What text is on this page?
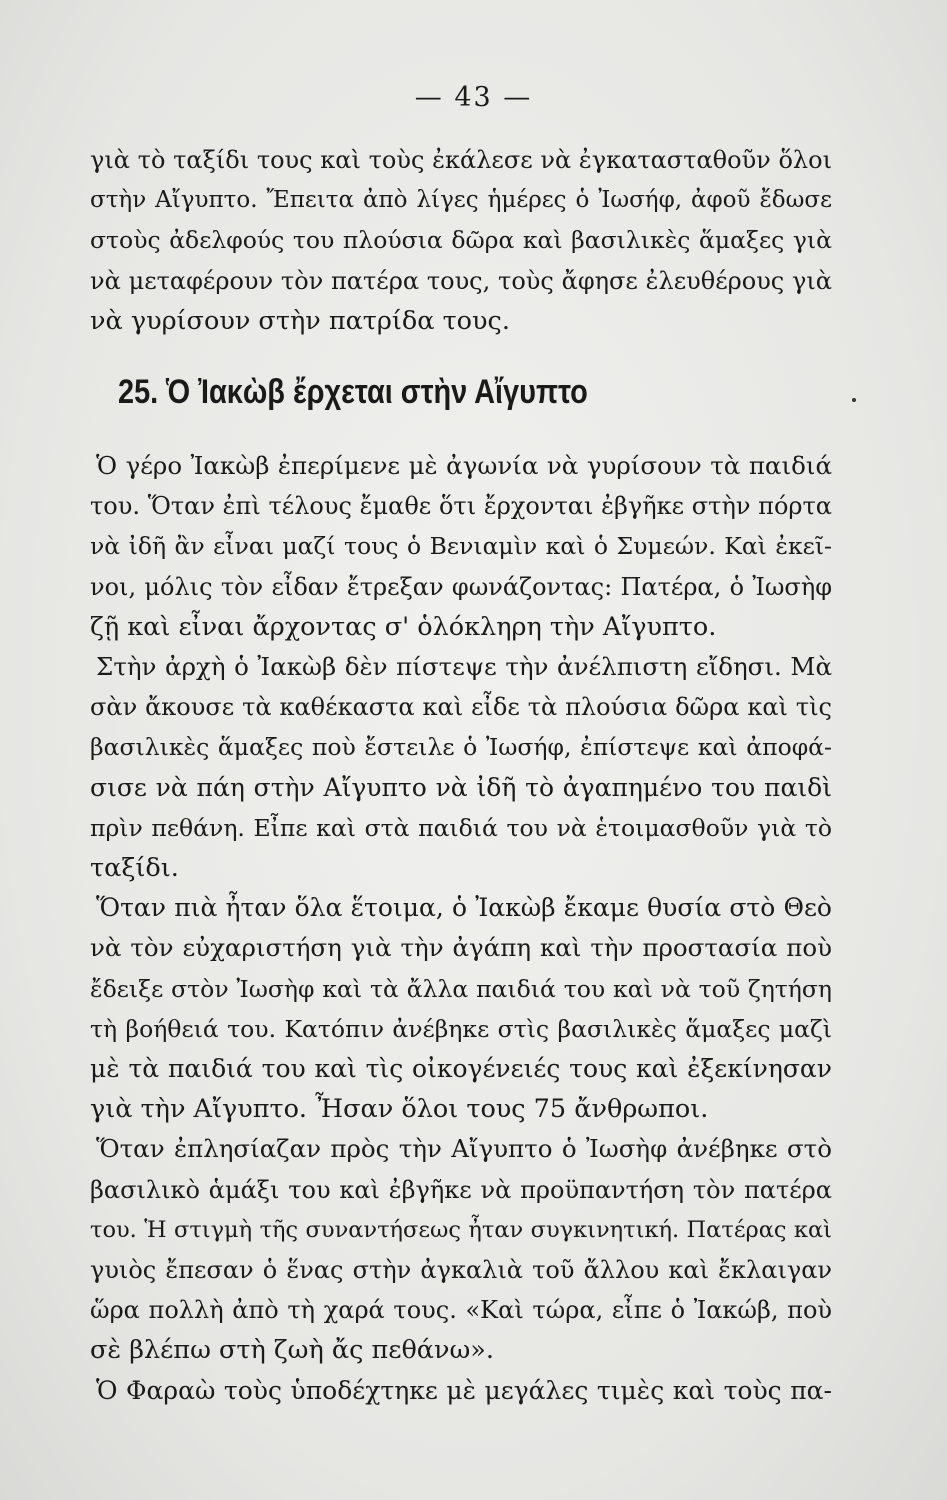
— 43 —
γιὰ τὸ ταξίδι τους καὶ τοὺς ἐκάλεσε νὰ ἐγκατασταθοῦν ὅλοι
στὴν Αἴγυπτο. Ἔπειτα ἀπὸ λίγες ἡμέρες ὁ Ἰωσήφ, ἀφοῦ ἔδωσε
στοὺς ἀδελφούς του πλούσια δῶρα καὶ βασιλικὲς ἅμαξες γιὰ
νὰ μεταφέρουν τὸν πατέρα τους, τοὺς ἄφησε ἐλευθέρους γιὰ
νὰ γυρίσουν στὴν πατρίδα τους.
25. Ὁ Ἰακὼβ ἔρχεται στὴν Αἴγυπτο
Ὁ γέρο Ἰακὼβ ἐπερίμενε μὲ ἀγωνία νὰ γυρίσουν τὰ παιδιά
του. Ὅταν ἐπὶ τέλους ἔμαθε ὅτι ἔρχονται ἐβγῆκε στὴν πόρτα
νὰ ἰδῆ ἂν εἶναι μαζί τους ὁ Βενιαμὶν καὶ ὁ Συμεών. Καὶ ἐκεῖ-
νοι, μόλις τὸν εἶδαν ἔτρεξαν φωνάζοντας: Πατέρα, ὁ Ἰωσὴφ
ζῇ καὶ εἶναι ἄρχοντας σ' ὁλόκληρη τὴν Αἴγυπτο.
Στὴν ἀρχὴ ὁ Ἰακὼβ δὲν πίστεψε τὴν ἀνέλπιστη εἴδησι. Μὰ
σὰν ἄκουσε τὰ καθέκαστα καὶ εἶδε τὰ πλούσια δῶρα καὶ τὶς
βασιλικὲς ἅμαξες ποὺ ἔστειλε ὁ Ἰωσήφ, ἐπίστεψε καὶ ἀποφά-
σισε νὰ πάη στὴν Αἴγυπτο νὰ ἰδῆ τὸ ἀγαπημένο του παιδὶ
πρὶν πεθάνη. Εἶπε καὶ στὰ παιδιά του νὰ ἑτοιμασθοῦν γιὰ τὸ
ταξίδι.
Ὅταν πιὰ ἦταν ὅλα ἕτοιμα, ὁ Ἰακὼβ ἔκαμε θυσία στὸ Θεὸ
νὰ τὸν εὐχαριστήση γιὰ τὴν ἀγάπη καὶ τὴν προστασία ποὺ
ἔδειξε στὸν Ἰωσὴφ καὶ τὰ ἄλλα παιδιά του καὶ νὰ τοῦ ζητήση
τὴ βοήθειά του. Κατόπιν ἀνέβηκε στὶς βασιλικὲς ἅμαξες μαζὶ
μὲ τὰ παιδιά του καὶ τὶς οἰκογένειές τους καὶ ἐξεκίνησαν
γιὰ τὴν Αἴγυπτο. Ἦσαν ὅλοι τους 75 ἄνθρωποι.
Ὅταν ἐπλησίαζαν πρὸς τὴν Αἴγυπτο ὁ Ἰωσὴφ ἀνέβηκε στὸ
βασιλικὸ ἁμάξι του καὶ ἐβγῆκε νὰ προϋπαντήση τὸν πατέρα
του. Ἡ στιγμὴ τῆς συναντήσεως ἦταν συγκινητική. Πατέρας καὶ
γυιὸς ἔπεσαν ὁ ἕνας στὴν ἀγκαλιὰ τοῦ ἄλλου καὶ ἔκλαιγαν
ὥρα πολλὴ ἀπὸ τὴ χαρά τους. «Καὶ τώρα, εἶπε ὁ Ἰακώβ, ποὺ
σὲ βλέπω στὴ ζωὴ ἄς πεθάνω».
Ὁ Φαραὼ τοὺς ὑποδέχτηκε μὲ μεγάλες τιμὲς καὶ τοὺς πα-
